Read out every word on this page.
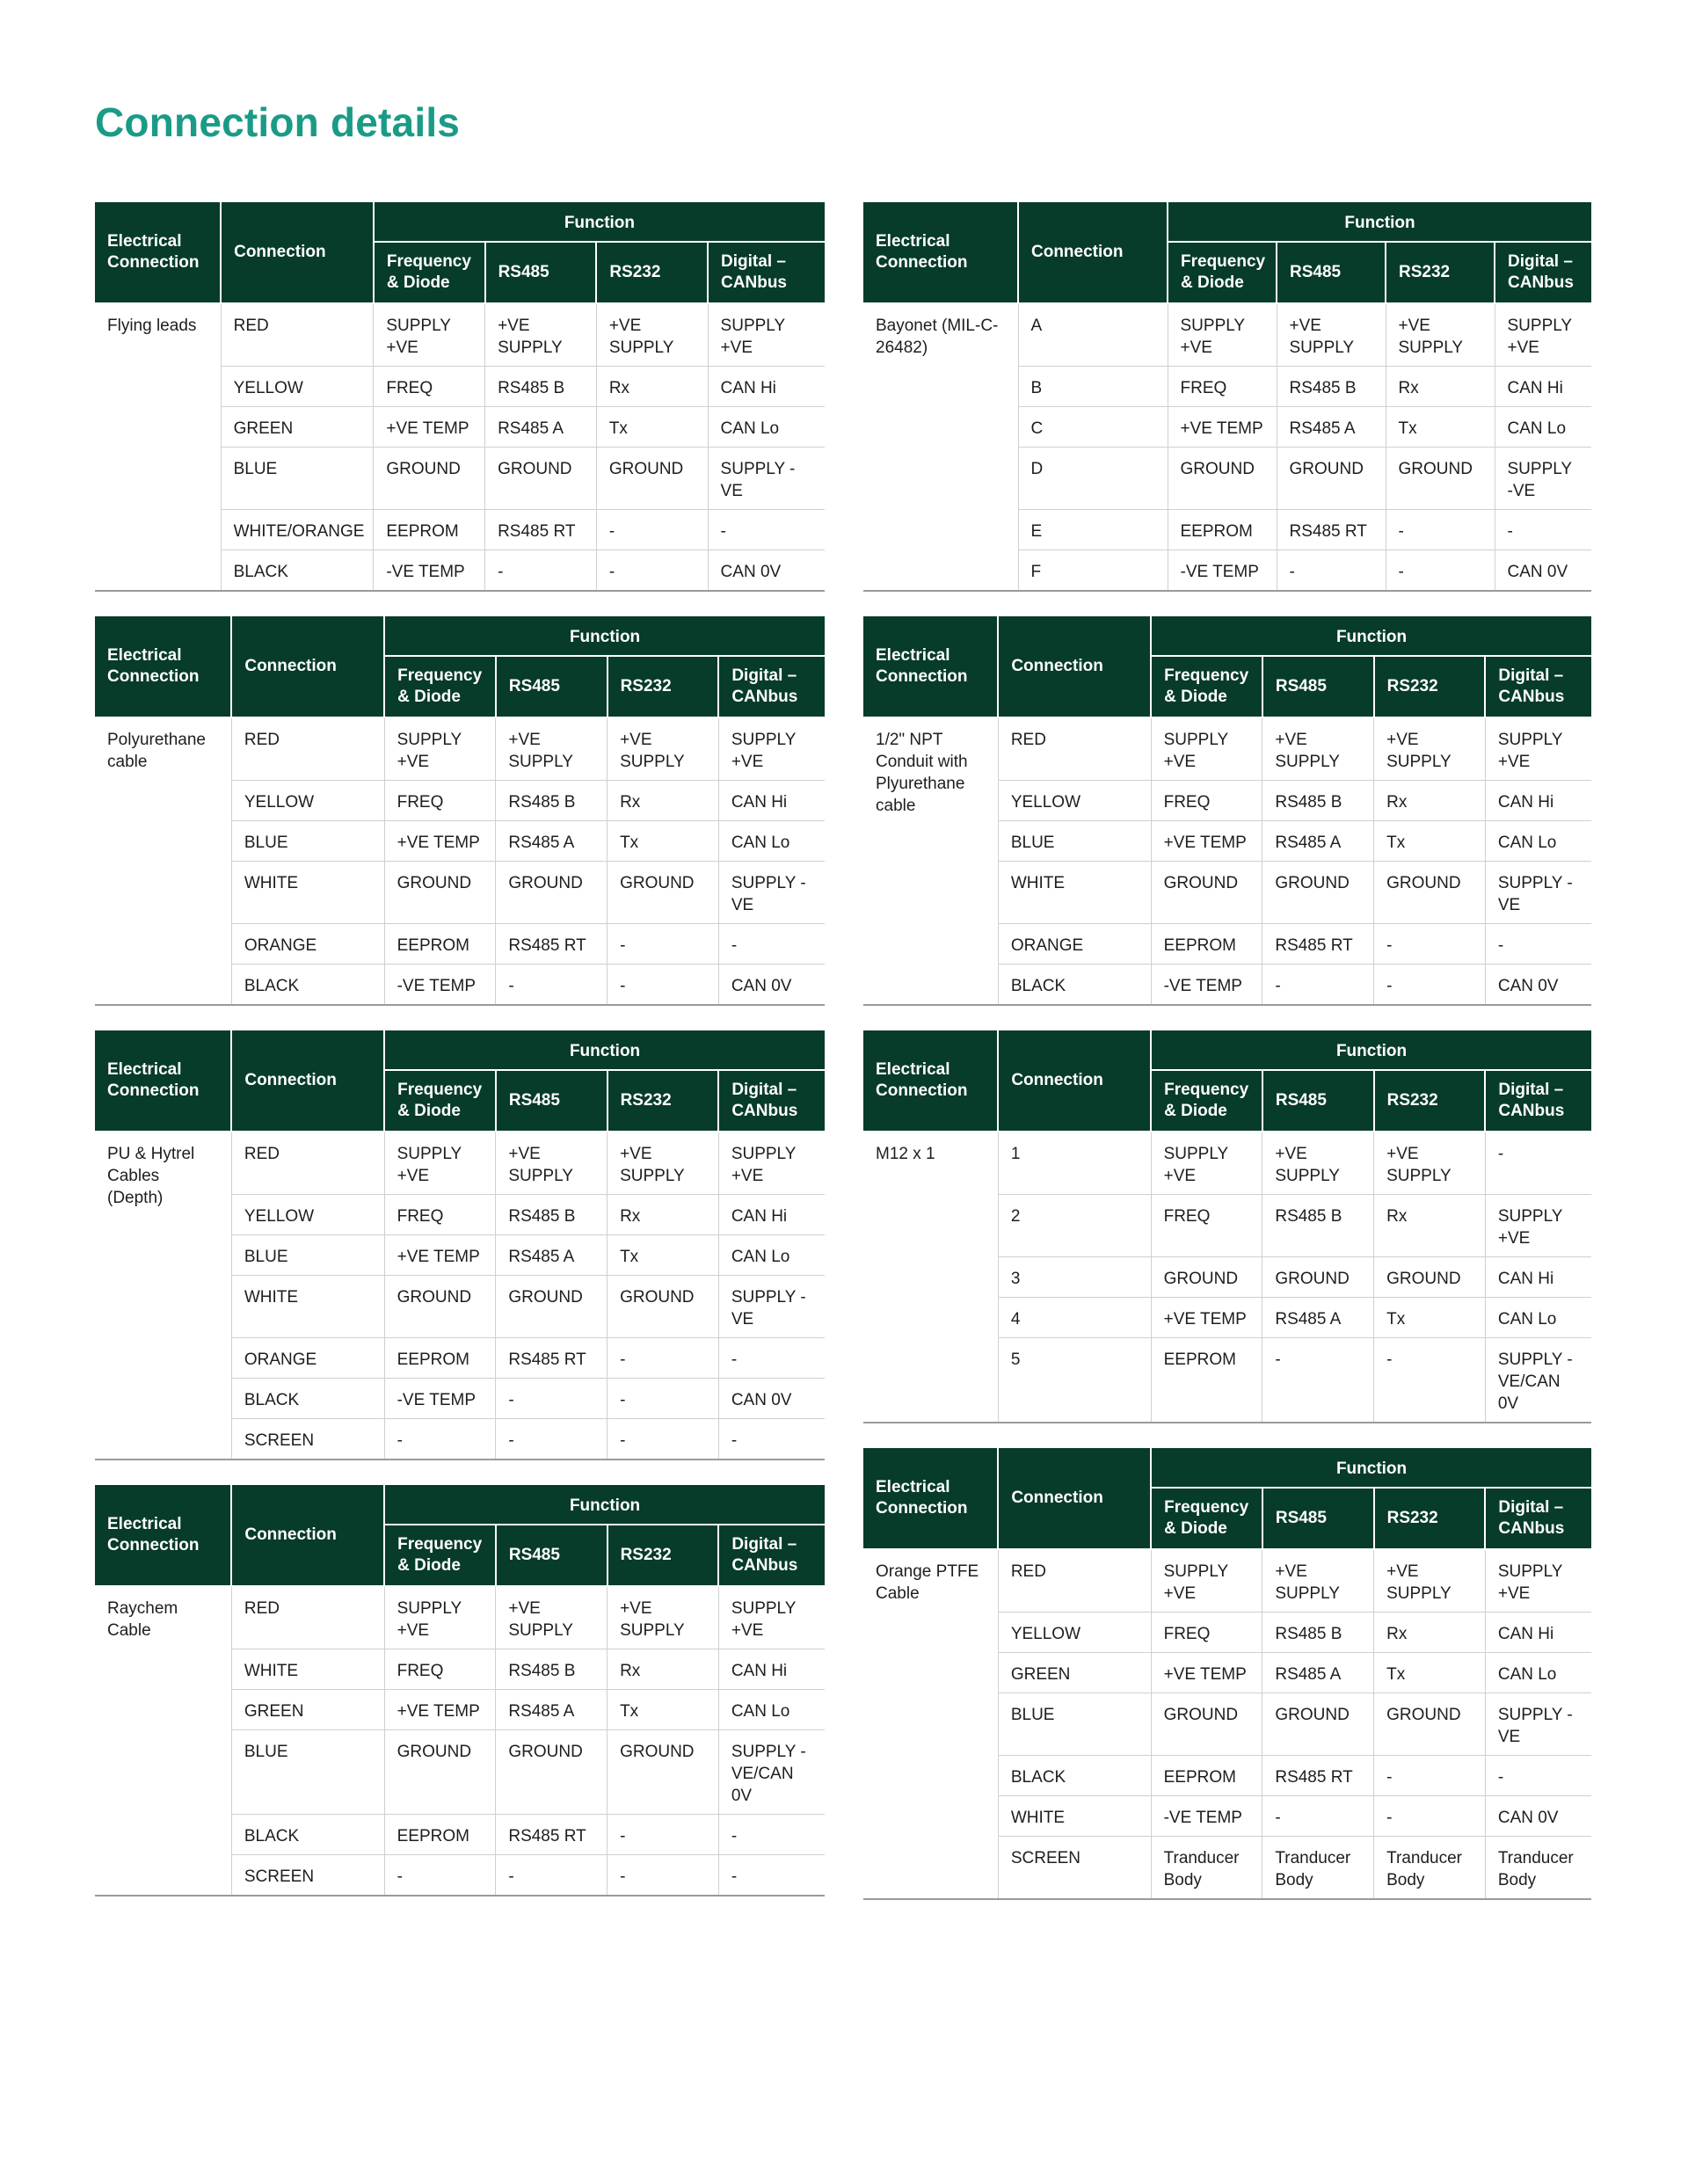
Connection details
Electrical Connection	Connection	Function			
		Frequency & Diode	RS485	RS232	Digital – CANbus
Flying leads	RED	SUPPLY +VE	+VE SUPPLY	+VE SUPPLY	SUPPLY +VE
	YELLOW	FREQ	RS485 B	Rx	CAN Hi
	GREEN	+VE TEMP	RS485 A	Tx	CAN Lo
	BLUE	GROUND	GROUND	GROUND	SUPPLY -VE
	WHITE/ORANGE	EEPROM	RS485 RT	-	-
	BLACK	-VE TEMP	-	-	CAN 0V
Electrical Connection	Connection	Function			
		Frequency & Diode	RS485	RS232	Digital – CANbus
Polyurethane cable	RED	SUPPLY +VE	+VE SUPPLY	+VE SUPPLY	SUPPLY +VE
	YELLOW	FREQ	RS485 B	Rx	CAN Hi
	BLUE	+VE TEMP	RS485 A	Tx	CAN Lo
	WHITE	GROUND	GROUND	GROUND	SUPPLY -VE
	ORANGE	EEPROM	RS485 RT	-	-
	BLACK	-VE TEMP	-	-	CAN 0V
Electrical Connection	Connection	Function			
		Frequency & Diode	RS485	RS232	Digital – CANbus
PU & Hytrel Cables (Depth)	RED	SUPPLY +VE	+VE SUPPLY	+VE SUPPLY	SUPPLY +VE
	YELLOW	FREQ	RS485 B	Rx	CAN Hi
	BLUE	+VE TEMP	RS485 A	Tx	CAN Lo
	WHITE	GROUND	GROUND	GROUND	SUPPLY -VE
	ORANGE	EEPROM	RS485 RT	-	-
	BLACK	-VE TEMP	-	-	CAN 0V
	SCREEN	-	-	-	-
Electrical Connection	Connection	Function			
		Frequency & Diode	RS485	RS232	Digital – CANbus
Raychem Cable	RED	SUPPLY +VE	+VE SUPPLY	+VE SUPPLY	SUPPLY +VE
	WHITE	FREQ	RS485 B	Rx	CAN Hi
	GREEN	+VE TEMP	RS485 A	Tx	CAN Lo
	BLUE	GROUND	GROUND	GROUND	SUPPLY -VE/CAN 0V
	BLACK	EEPROM	RS485 RT	-	-
	SCREEN	-	-	-	-
Electrical Connection	Connection	Function			
		Frequency & Diode	RS485	RS232	Digital – CANbus
Bayonet (MIL-C-26482)	A	SUPPLY +VE	+VE SUPPLY	+VE SUPPLY	SUPPLY +VE
	B	FREQ	RS485 B	Rx	CAN Hi
	C	+VE TEMP	RS485 A	Tx	CAN Lo
	D	GROUND	GROUND	GROUND	SUPPLY -VE
	E	EEPROM	RS485 RT	-	-
	F	-VE TEMP	-	-	CAN 0V
Electrical Connection	Connection	Function			
		Frequency & Diode	RS485	RS232	Digital – CANbus
1/2" NPT Conduit with Plyurethane cable	RED	SUPPLY +VE	+VE SUPPLY	+VE SUPPLY	SUPPLY +VE
	YELLOW	FREQ	RS485 B	Rx	CAN Hi
	BLUE	+VE TEMP	RS485 A	Tx	CAN Lo
	WHITE	GROUND	GROUND	GROUND	SUPPLY -VE
	ORANGE	EEPROM	RS485 RT	-	-
	BLACK	-VE TEMP	-	-	CAN 0V
Electrical Connection	Connection	Function			
		Frequency & Diode	RS485	RS232	Digital – CANbus
M12 x 1	1	SUPPLY +VE	+VE SUPPLY	+VE SUPPLY	-
	2	FREQ	RS485 B	Rx	SUPPLY +VE
	3	GROUND	GROUND	GROUND	CAN Hi
	4	+VE TEMP	RS485 A	Tx	CAN Lo
	5	EEPROM	-	-	SUPPLY -VE/CAN 0V
Electrical Connection	Connection	Function			
		Frequency & Diode	RS485	RS232	Digital – CANbus
Orange PTFE Cable	RED	SUPPLY +VE	+VE SUPPLY	+VE SUPPLY	SUPPLY +VE
	YELLOW	FREQ	RS485 B	Rx	CAN Hi
	GREEN	+VE TEMP	RS485 A	Tx	CAN Lo
	BLUE	GROUND	GROUND	GROUND	SUPPLY -VE
	BLACK	EEPROM	RS485 RT	-	-
	WHITE	-VE TEMP	-	-	CAN 0V
	SCREEN	Tranducer Body	Tranducer Body	Tranducer Body	Tranducer Body
